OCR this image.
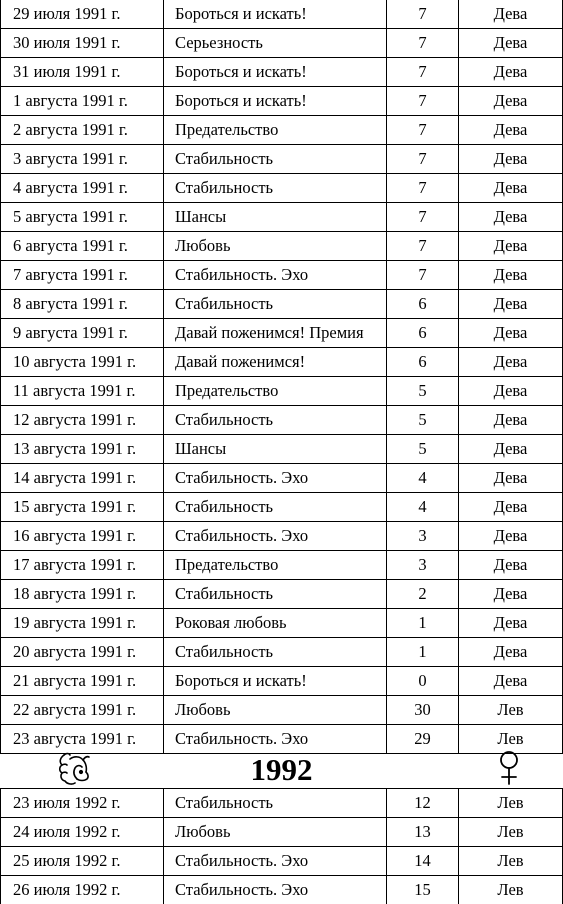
29 июля 1991 г.	Бороться и искать!	7	Дева
30 июля 1991 г.	Серьезность	7	Дева
31 июля 1991 г.	Бороться и искать!	7	Дева
1 августа 1991 г.	Бороться и искать!	7	Дева
2 августа 1991 г.	Предательство	7	Дева
3 августа 1991 г.	Стабильность	7	Дева
4 августа 1991 г.	Стабильность	7	Дева
5 августа 1991 г.	Шансы	7	Дева
6 августа 1991 г.	Любовь	7	Дева
7 августа 1991 г.	Стабильность. Эхо	7	Дева
8 августа 1991 г.	Стабильность	6	Дева
9 августа 1991 г.	Давай поженимся! Премия	6	Дева
10 августа 1991 г.	Давай поженимся!	6	Дева
11 августа 1991 г.	Предательство	5	Дева
12 августа 1991 г.	Стабильность	5	Дева
13 августа 1991 г.	Шансы	5	Дева
14 августа 1991 г.	Стабильность. Эхо	4	Дева
15 августа 1991 г.	Стабильность	4	Дева
16 августа 1991 г.	Стабильность. Эхо	3	Дева
17 августа 1991 г.	Предательство	3	Дева
18 августа 1991 г.	Стабильность	2	Дева
19 августа 1991 г.	Роковая любовь	1	Дева
20 августа 1991 г.	Стабильность	1	Дева
21 августа 1991 г.	Бороться и искать!	0	Дева
22 августа 1991 г.	Любовь	30	Лев
23 августа 1991 г.	Стабильность. Эхо	29	Лев
1992
23 июля 1992 г.	Стабильность	12	Лев
24 июля 1992 г.	Любовь	13	Лев
25 июля 1992 г.	Стабильность. Эхо	14	Лев
26 июля 1992 г.	Стабильность. Эхо	15	Лев
